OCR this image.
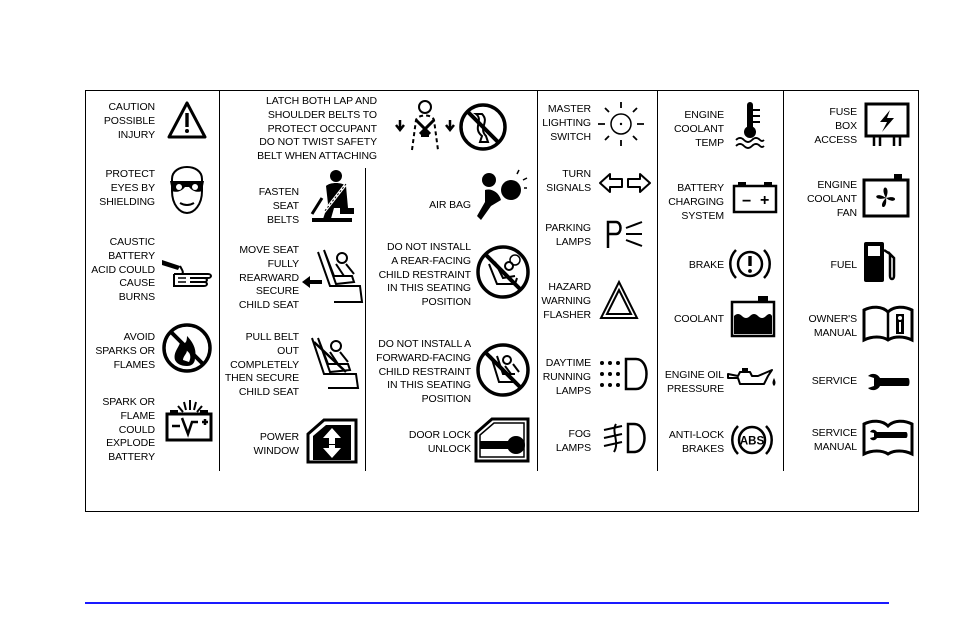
CAUTION
POSSIBLE
INJURY
PROTECT
EYES BY
SHIELDING
CAUSTIC
BATTERY
ACID COULD
CAUSE
BURNS
AVOID
SPARKS OR
FLAMES
SPARK OR
FLAME
COULD
EXPLODE
BATTERY
LATCH BOTH LAP AND
SHOULDER BELTS TO
PROTECT OCCUPANT
DO NOT TWIST SAFETY
BELT WHEN ATTACHING
FASTEN
SEAT
BELTS
MOVE SEAT
FULLY
REARWARD
SECURE
CHILD SEAT
PULL BELT
OUT
COMPLETELY
THEN SECURE
CHILD SEAT
POWER
WINDOW
AIR BAG
DO NOT INSTALL
A REAR-FACING
CHILD RESTRAINT
IN THIS SEATING
POSITION
DO NOT INSTALL A
FORWARD-FACING
CHILD RESTRAINT
IN THIS SEATING
POSITION
DOOR LOCK
UNLOCK
MASTER
LIGHTING
SWITCH
TURN
SIGNALS
PARKING
LAMPS
HAZARD
WARNING
FLASHER
DAYTIME
RUNNING
LAMPS
FOG
LAMPS
ENGINE
COOLANT
TEMP
BATTERY
CHARGING
SYSTEM
− +
BRAKE
COOLANT
ENGINE OIL
PRESSURE
ANTI-LOCK
BRAKES
ABS
FUSE
BOX
ACCESS
ENGINE
COOLANT
FAN
FUEL
OWNER'S
MANUAL
SERVICE
SERVICE
MANUAL
